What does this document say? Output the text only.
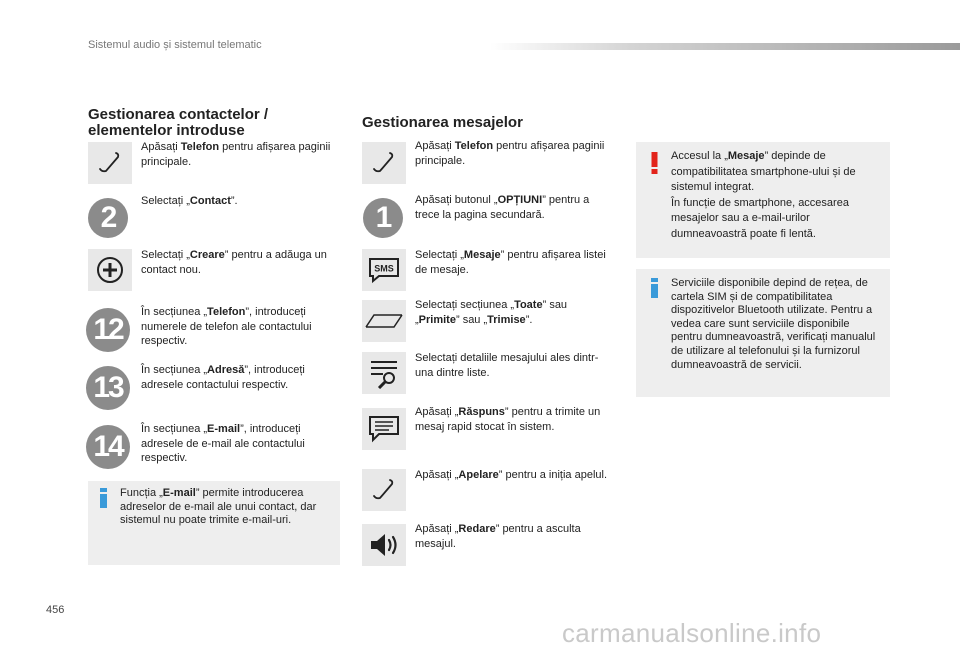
Sistemul audio și sistemul telematic
Gestionarea contactelor /
elementelor introduse
Apăsați Telefon pentru afișarea paginii principale.
2	Selectați „Contact”.
Selectați „Creare” pentru a adăuga un contact nou.
12
În secțiunea „Telefon”, introduceți numerele de telefon ale contactului respectiv.
13
În secțiunea „Adresă”, introduceți adresele contactului respectiv.
14
În secțiunea „E-mail”, introduceți adresele de e-mail ale contactului respectiv.
Funcția „E-mail” permite introducerea adreselor de e-mail ale unui contact, dar sistemul nu poate trimite e-mail-uri.
Gestionarea mesajelor
Apăsați Telefon pentru afișarea paginii principale.
1
Apăsați butonul „OPȚIUNI” pentru a trece la pagina secundară.
SMS
Selectați „Mesaje” pentru afișarea listei de mesaje.
Selectați secțiunea „Toate” sau „Primite” sau „Trimise”.
Selectați detaliile mesajului ales dintr-una dintre liste.
Apăsați „Răspuns” pentru a trimite un mesaj rapid stocat în sistem.
Apăsați „Apelare” pentru a iniția apelul.
Apăsați „Redare” pentru a asculta mesajul.
Accesul la „Mesaje” depinde de compatibilitatea smartphone-ului și de sistemul integrat.
În funcție de smartphone, accesarea mesajelor sau a e-mail-urilor dumneavoastră poate fi lentă.
Serviciile disponibile depind de rețea, de cartela SIM și de compatibilitatea dispozitivelor Bluetooth utilizate. Pentru a vedea care sunt serviciile disponibile pentru dumneavoastră, verificați manualul de utilizare al telefonului și la furnizorul dumneavoastră de servicii.
456
carmanualsonline.info
